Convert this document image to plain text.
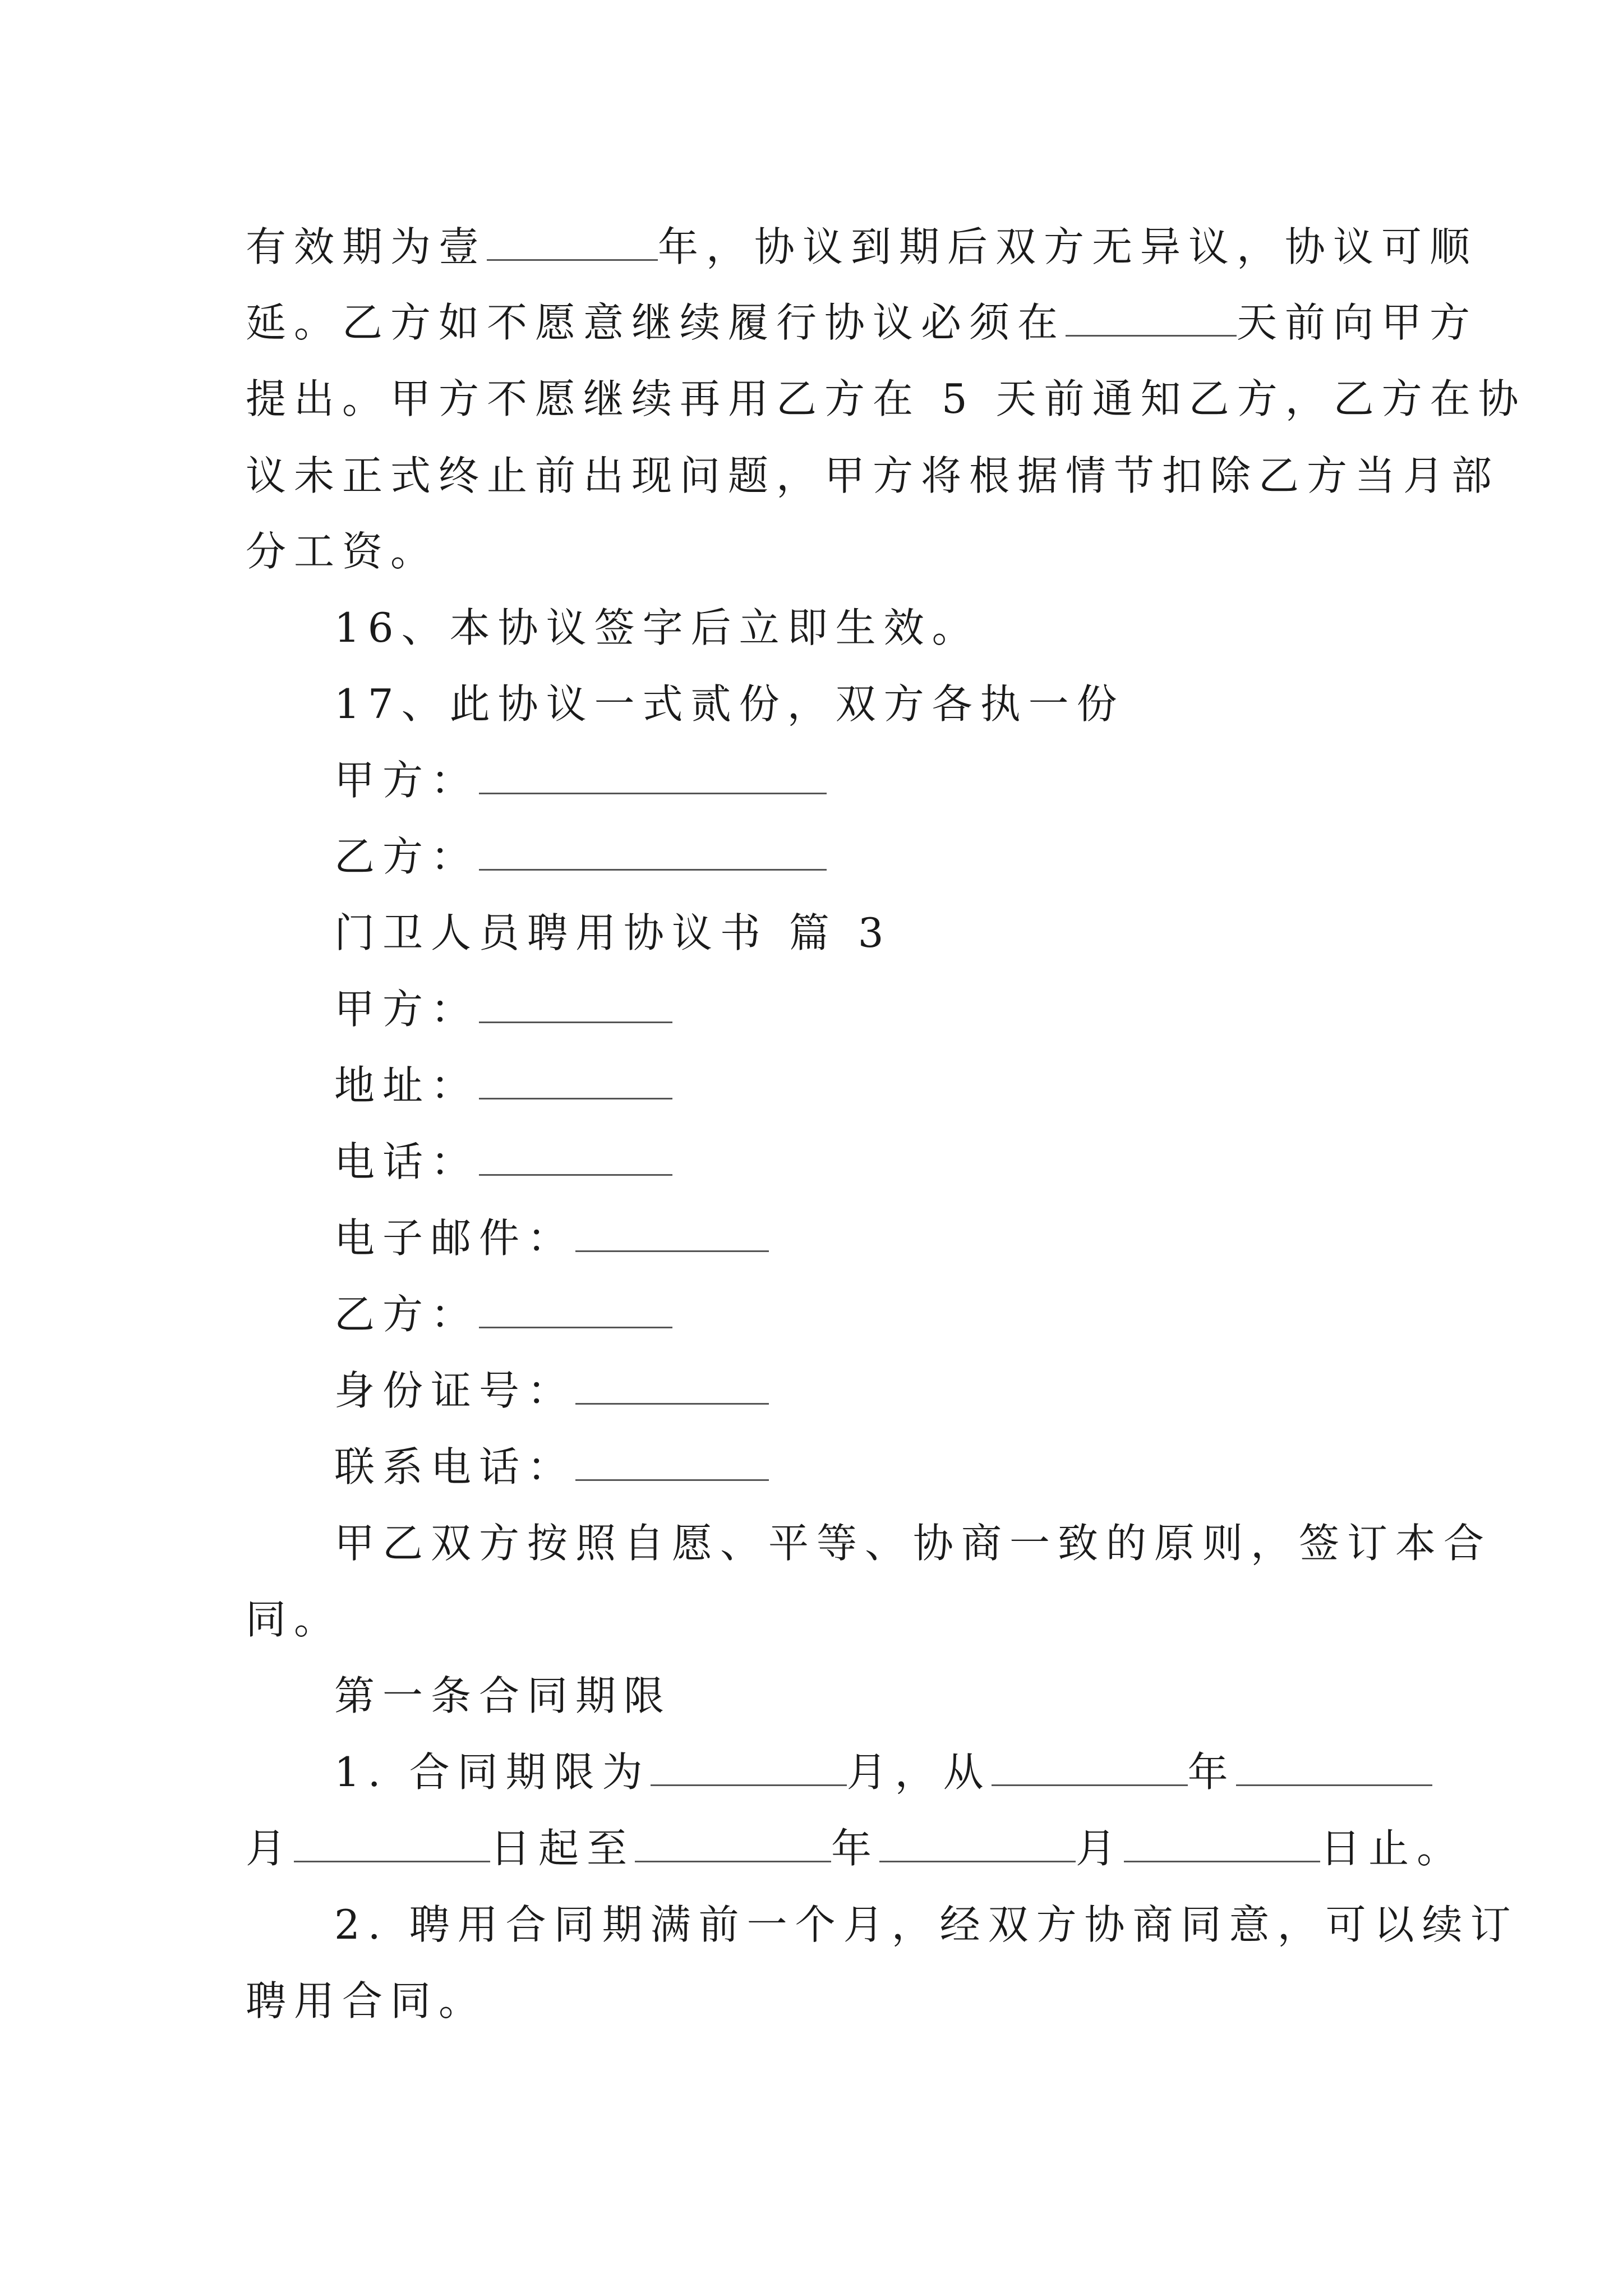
有效期为壹	年，协议到期后双方无异议，协议可顺
延。乙方如不愿意继续履行协议必须在	天前向甲方
提出。甲方不愿继续再用乙方在 5 天前通知乙方，乙方在协
议未正式终止前出现问题，甲方将根据情节扣除乙方当月部
分工资。
16、本协议签字后立即生效。
17、此协议一式贰份，双方各执一份
甲方：
乙方：
门卫人员聘用协议书 篇 3
甲方：
地址：
电话：
电子邮件：
乙方：
身份证号：
联系电话：
甲乙双方按照自愿、平等、协商一致的原则，签订本合
同。
第一条合同期限
1. 合同期限为	月，从	年
月	日起至	年	月	日止。
2. 聘用合同期满前一个月，经双方协商同意，可以续订
聘用合同。
